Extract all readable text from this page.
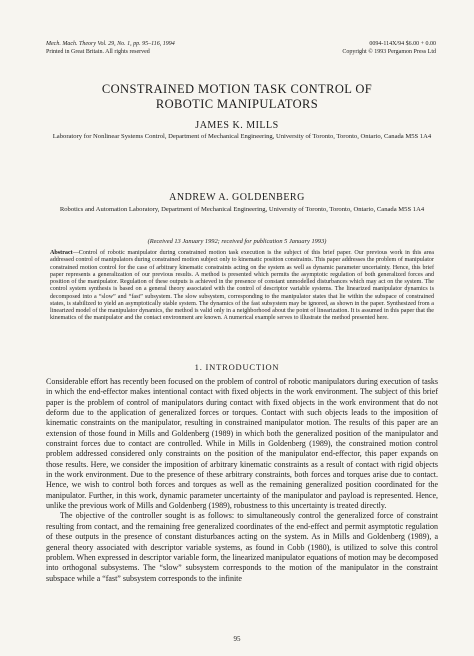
Mech. Mach. Theory Vol. 29, No. 1, pp. 95–116, 1994
Printed in Great Britain. All rights reserved
0094-114X/94 $6.00 + 0.00
Copyright © 1993 Pergamon Press Ltd
CONSTRAINED MOTION TASK CONTROL OF
ROBOTIC MANIPULATORS
JAMES K. MILLS
Laboratory for Nonlinear Systems Control, Department of Mechanical Engineering, University of Toronto, Toronto, Ontario, Canada M5S 1A4
ANDREW A. GOLDENBERG
Robotics and Automation Laboratory, Department of Mechanical Engineering, University of Toronto, Toronto, Ontario, Canada M5S 1A4
(Received 13 January 1992; received for publication 5 January 1993)
Abstract—Control of robotic manipulator during constrained motion task execution is the subject of this brief paper. Our previous work in this area addressed control of manipulators during constrained motion subject only to kinematic position constraints. This paper addresses the problem of manipulator constrained motion control for the case of arbitrary kinematic constraints acting on the system as well as dynamic parameter uncertainty. Hence, this brief paper represents a generalization of our previous results. A method is presented which permits the asymptotic regulation of both generalized forces and position of the manipulator. Regulation of these outputs is achieved in the presence of constant unmodelled disturbances which may act on the system. The control system synthesis is based on a general theory associated with the control of descriptor variable systems. The linearized manipulator dynamics is decomposed into a “slow” and “fast” subsystem. The slow subsystem, corresponding to the manipulator states that lie within the subspace of constrained states, is stabilized to yield an asymptotically stable system. The dynamics of the fast subsystem may be ignored, as shown in the paper. Synthesized from a linearized model of the manipulator dynamics, the method is valid only in a neighborhood about the point of linearization. It is assumed in this paper that the kinematics of the manipulator and the contact environment are known. A numerical example serves to illustrate the method presented here.
1. INTRODUCTION

Considerable effort has recently been focused on the problem of control of robotic manipulators during execution of tasks in which the end-effector makes intentional contact with fixed objects in the work environment. The subject of this brief paper is the problem of control of manipulators during contact with fixed objects in the work environment that do not deform due to the application of generalized forces or torques. Contact with such objects leads to the imposition of kinematic constraints on the manipulator, resulting in constrained manipulator motion. The results of this paper are an extension of those found in Mills and Goldenberg (1989) in which both the generalized position of the manipulator and constraint forces due to contact are controlled. While in Mills in Goldenberg (1989), the constrained motion control problem addressed considered only constraints on the position of the manipulator end-effector, this paper expands on those results. Here, we consider the imposition of arbitrary kinematic constraints as a result of contact with rigid objects in the work environment. Due to the presence of these arbitrary constraints, both forces and torques arise due to contact. Hence, we wish to control both forces and torques as well as the remaining generalized position coordinated for the manipulator. Further, in this work, dynamic parameter uncertainty of the manipulator and payload is represented. Hence, unlike the previous work of Mills and Goldenberg (1989), robustness to this uncertainty is treated directly.

The objective of the controller sought is as follows: to simultaneously control the generalized force of constraint resulting from contact, and the remaining free generalized coordinates of the end-effect and permit asymptotic regulation of these outputs in the presence of constant disturbances acting on the system. As in Mills and Goldenberg (1989), a general theory associated with descriptor variable systems, as found in Cobb (1980), is utilized to solve this control problem. When expressed in descriptor variable form, the linearized manipulator equations of motion may be decomposed into orthogonal subsystems. The “slow” subsystem corresponds to the motion of the manipulator in the constraint subspace while a “fast” subsystem corresponds to the infinite

95
